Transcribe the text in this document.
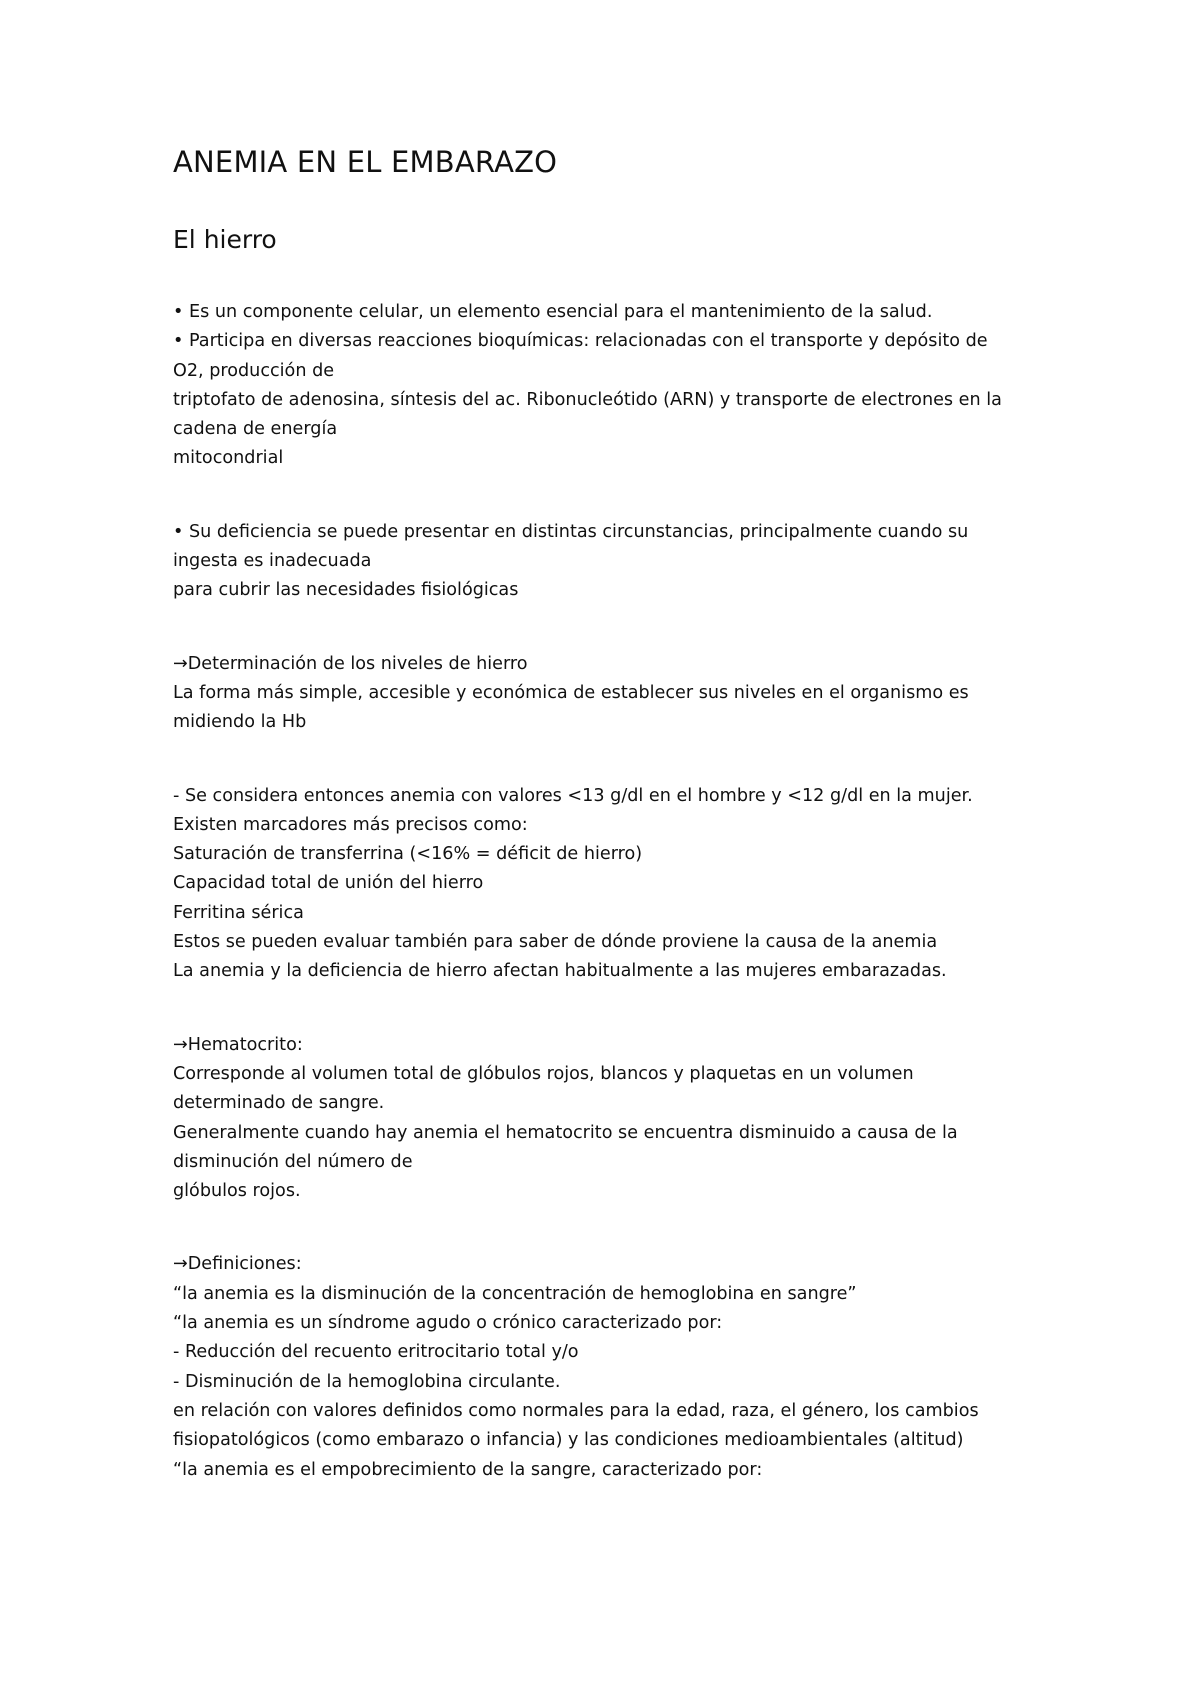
ANEMIA EN EL EMBARAZO
El hierro
• Es un componente celular, un elemento esencial para el mantenimiento de la salud.
• Participa en diversas reacciones bioquímicas: relacionadas con el transporte y depósito de
O2, producción de
triptofato de adenosina, síntesis del ac. Ribonucleótido (ARN) y transporte de electrones en la
cadena de energía
mitocondrial
• Su deficiencia se puede presentar en distintas circunstancias, principalmente cuando su
ingesta es inadecuada
para cubrir las necesidades fisiológicas
→Determinación de los niveles de hierro
La forma más simple, accesible y económica de establecer sus niveles en el organismo es
midiendo la Hb
- Se considera entonces anemia con valores <13 g/dl en el hombre y <12 g/dl en la mujer.
Existen marcadores más precisos como:
Saturación de transferrina (<16% = déficit de hierro)
Capacidad total de unión del hierro
Ferritina sérica
Estos se pueden evaluar también para saber de dónde proviene la causa de la anemia
La anemia y la deficiencia de hierro afectan habitualmente a las mujeres embarazadas.
→Hematocrito:
Corresponde al volumen total de glóbulos rojos, blancos y plaquetas en un volumen
determinado de sangre.
Generalmente cuando hay anemia el hematocrito se encuentra disminuido a causa de la
disminución del número de
glóbulos rojos.
→Definiciones:
“la anemia es la disminución de la concentración de hemoglobina en sangre”
“la anemia es un síndrome agudo o crónico caracterizado por:
- Reducción del recuento eritrocitario total y/o
- Disminución de la hemoglobina circulante.
en relación con valores definidos como normales para la edad, raza, el género, los cambios
fisiopatológicos (como embarazo o infancia) y las condiciones medioambientales (altitud)
“la anemia es el empobrecimiento de la sangre, caracterizado por:
